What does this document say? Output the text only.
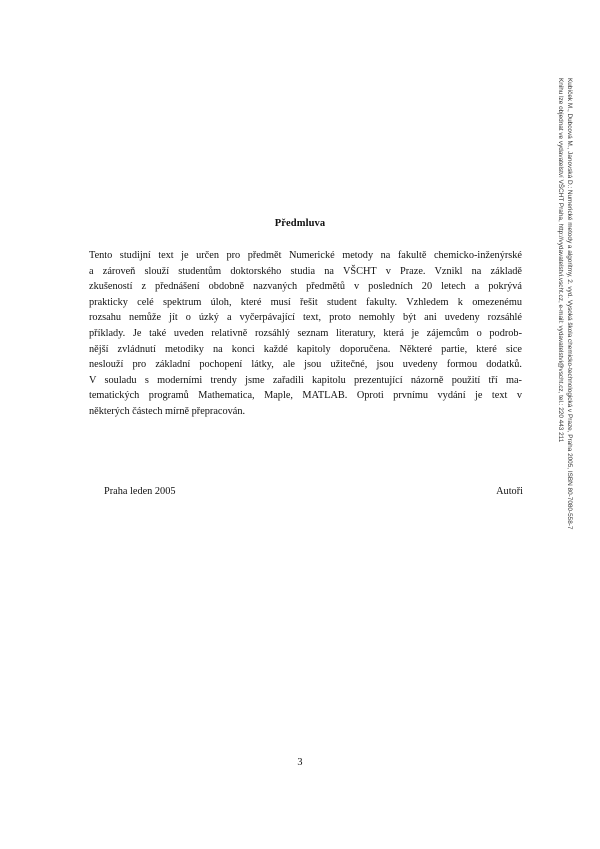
Předmluva
Tento studijní text je určen pro předmět Numerické metody na fakultě chemicko-inženýrské
a zároveň slouží studentům doktorského studia na VŠCHT v Praze. Vznikl na základě
zkušeností z přednášení obdobně nazvaných předmětů v posledních 20 letech a pokrývá
prakticky celé spektrum úloh, které musí řešit student fakulty. Vzhledem k omezenému
rozsahu nemůže jít o úzký a vyčerpávající text, proto nemohly být ani uvedeny rozsáhlé
příklady. Je také uveden relativně rozsáhlý seznam literatury, která je zájemcům o podrob-
nější zvládnutí metodiky na konci každé kapitoly doporučena. Některé partie, které sice
neslouží pro základní pochopení látky, ale jsou užitečné, jsou uvedeny formou dodatků.
V souladu s moderními trendy jsme zařadili kapitolu prezentující názorně použití tří ma-
tematických programů Mathematica, Maple, MATLAB. Oproti prvnímu vydání je text v
některých částech mírně přepracován.
Praha leden 2005	Autoři
3
Kubíček M., Dubcová M., Janovská D.: Numerické metody a algoritmy, 2. vyd. Vysoká škola chemicko-technologická v Praze, Praha 2005, ISBN 80-7080-558-7
Knihu lze objednat ve vydavatelství VŠCHT Praha, http://vydavatelstvi.vscht.cz, e-mail: vydavatelstvi@vscht.cz, tel.: 220 443 211
